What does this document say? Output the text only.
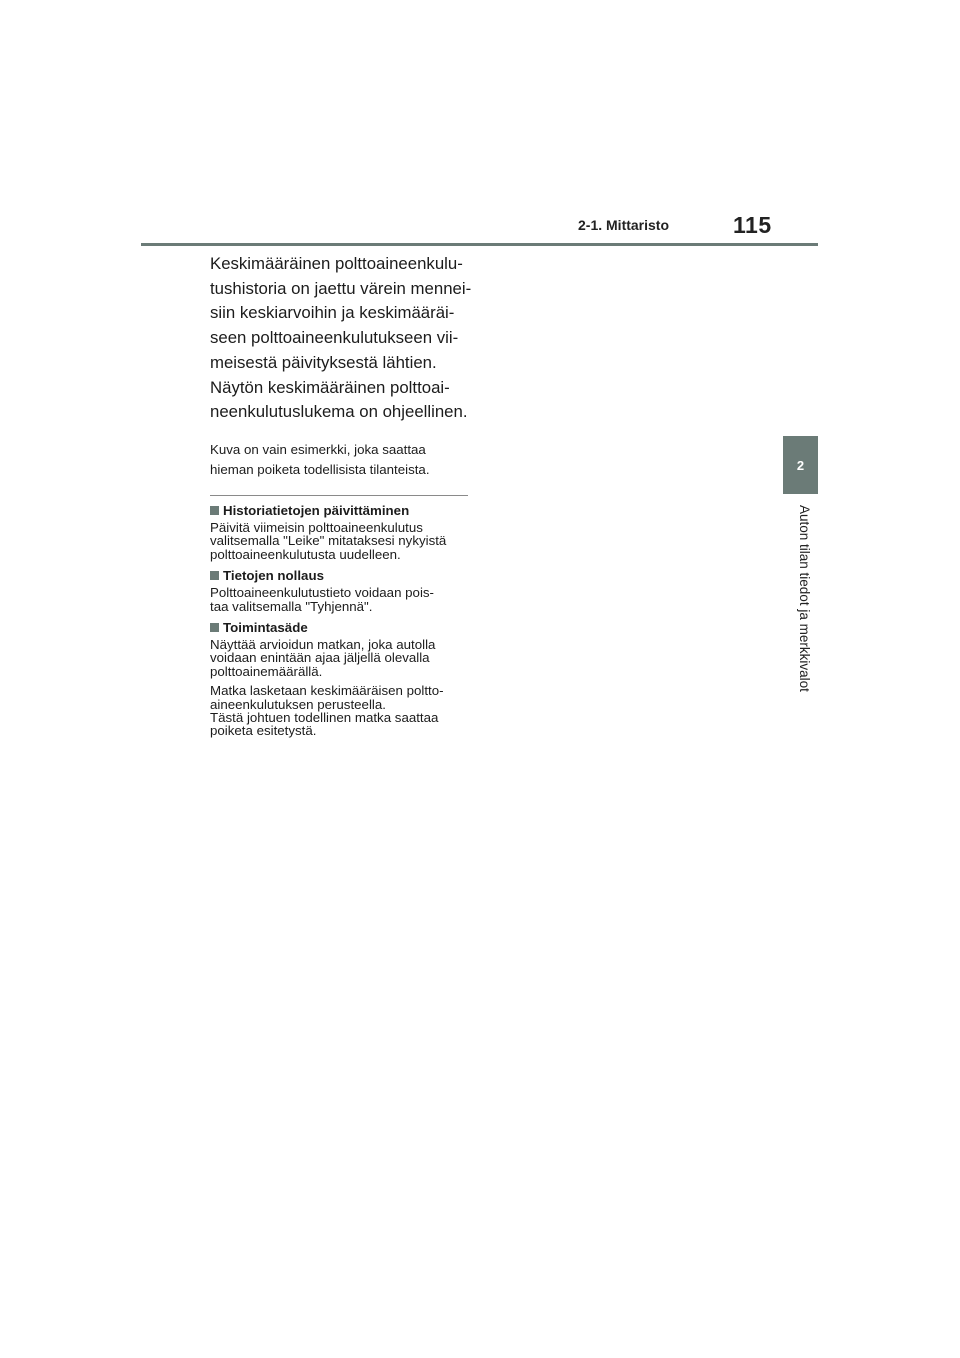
2-1. Mittaristo	115
2
Auton tilan tiedot ja merkkivalot

Keskimääräinen polttoaineenkulu-

tushistoria on jaettu värein mennei-

siin keskiarvoihin ja keskimääräi-

seen polttoaineenkulutukseen vii-

meisestä päivityksestä lähtien.

Näytön keskimääräinen polttoai-

neenkulutuslukema on ohjeellinen.

Kuva on vain esimerkki, joka saattaa
hieman poiketa todellisista tilanteista.
Historiatietojen päivittäminen

Päivitä viimeisin polttoaineenkulutus
valitsemalla "Leike" mitataksesi nykyistä
polttoaineenkulutusta uudelleen.

Tietojen nollaus

Polttoaineenkulutustieto voidaan pois-
taa valitsemalla "Tyhjennä".

Toimintasäde

Näyttää arvioidun matkan, joka autolla
voidaan enintään ajaa jäljellä olevalla
polttoainemäärällä.

Matka lasketaan keskimääräisen poltto-
aineenkulutuksen perusteella.
Tästä johtuen todellinen matka saattaa
poiketa esitetystä.
